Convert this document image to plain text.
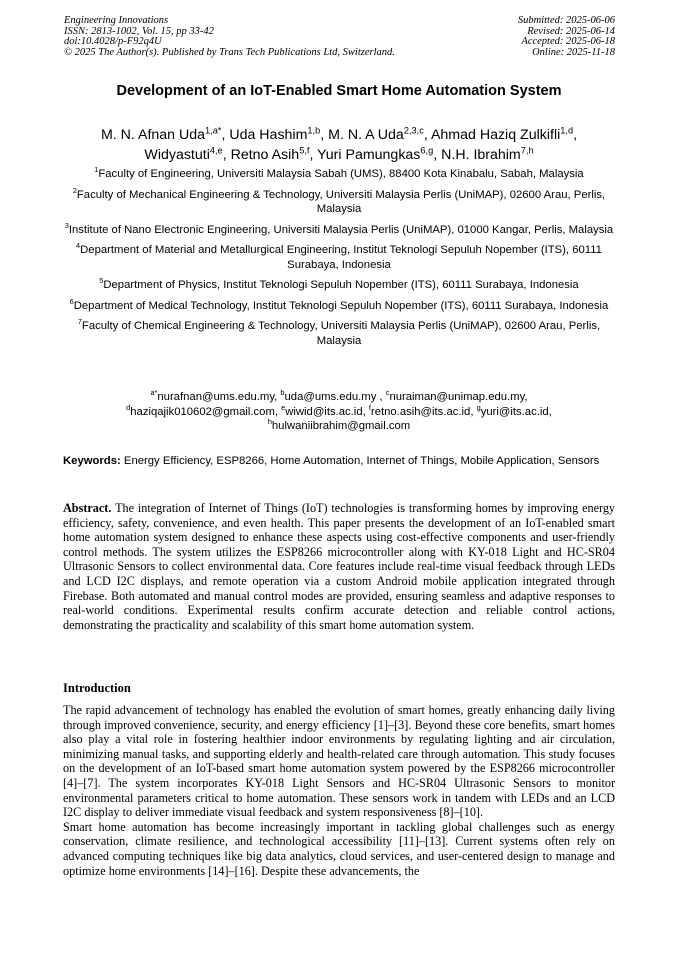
Engineering Innovations
ISSN: 2813-1002, Vol. 15, pp 33-42
doi:10.4028/p-F92q4U
© 2025 The Author(s). Published by Trans Tech Publications Ltd, Switzerland.
Submitted: 2025-06-06
Revised: 2025-06-14
Accepted: 2025-06-18
Online: 2025-11-18
Development of an IoT-Enabled Smart Home Automation System
M. N. Afnan Uda$^{1,a*}$, Uda Hashim$^{1,b}$, M. N. A Uda$^{2,3,c}$, Ahmad Haziq Zulkifli$^{1,d}$,
Widyastuti$^{4,e}$, Retno Asih$^{5,f}$, Yuri Pamungkas$^{6,g}$, N.H. Ibrahim$^{7,h}$
$^1$Faculty of Engineering, Universiti Malaysia Sabah (UMS), 88400 Kota Kinabalu, Sabah, Malaysia
$^2$Faculty of Mechanical Engineering & Technology, Universiti Malaysia Perlis (UniMAP), 02600 Arau, Perlis, Malaysia
$^3$Institute of Nano Electronic Engineering, Universiti Malaysia Perlis (UniMAP), 01000 Kangar, Perlis, Malaysia
$^4$Department of Material and Metallurgical Engineering, Institut Teknologi Sepuluh Nopember (ITS), 60111 Surabaya, Indonesia
$^5$Department of Physics, Institut Teknologi Sepuluh Nopember (ITS), 60111 Surabaya, Indonesia
$^6$Department of Medical Technology, Institut Teknologi Sepuluh Nopember (ITS), 60111 Surabaya, Indonesia
$^7$Faculty of Chemical Engineering & Technology, Universiti Malaysia Perlis (UniMAP), 02600 Arau, Perlis, Malaysia
$^{a*}$nurafnan@ums.edu.my, $^b$uda@ums.edu.my , $^c$nuraiman@unimap.edu.my,
$^d$haziqajik010602@gmail.com, $^e$wiwid@its.ac.id, $^f$retno.asih@its.ac.id, $^g$yuri@its.ac.id,
$^h$hulwaniibrahim@gmail.com
Keywords: Energy Efficiency, ESP8266, Home Automation, Internet of Things, Mobile Application, Sensors
Abstract. The integration of Internet of Things (IoT) technologies is transforming homes by improving energy efficiency, safety, convenience, and even health. This paper presents the development of an IoT-enabled smart home automation system designed to enhance these aspects using cost-effective components and user-friendly control methods. The system utilizes the ESP8266 microcontroller along with KY-018 Light and HC-SR04 Ultrasonic Sensors to collect environmental data. Core features include real-time visual feedback through LEDs and LCD I2C displays, and remote operation via a custom Android mobile application integrated through Firebase. Both automated and manual control modes are provided, ensuring seamless and adaptive responses to real-world conditions. Experimental results confirm accurate detection and reliable control actions, demonstrating the practicality and scalability of this smart home automation system.
Introduction

The rapid advancement of technology has enabled the evolution of smart homes, greatly enhancing daily living through improved convenience, security, and energy efficiency [1]–[3]. Beyond these core benefits, smart homes also play a vital role in fostering healthier indoor environments by regulating lighting and air circulation, minimizing manual tasks, and supporting elderly and health-related care through automation. This study focuses on the development of an IoT-based smart home automation system powered by the ESP8266 microcontroller [4]–[7]. The system incorporates KY-018 Light Sensors and HC-SR04 Ultrasonic Sensors to monitor environmental parameters critical to home automation. These sensors work in tandem with LEDs and an LCD I2C display to deliver immediate visual feedback and system responsiveness [8]–[10].

Smart home automation has become increasingly important in tackling global challenges such as energy conservation, climate resilience, and technological accessibility [11]–[13]. Current systems often rely on advanced computing techniques like big data analytics, cloud services, and user-centered design to manage and optimize home environments [14]–[16]. Despite these advancements, the
